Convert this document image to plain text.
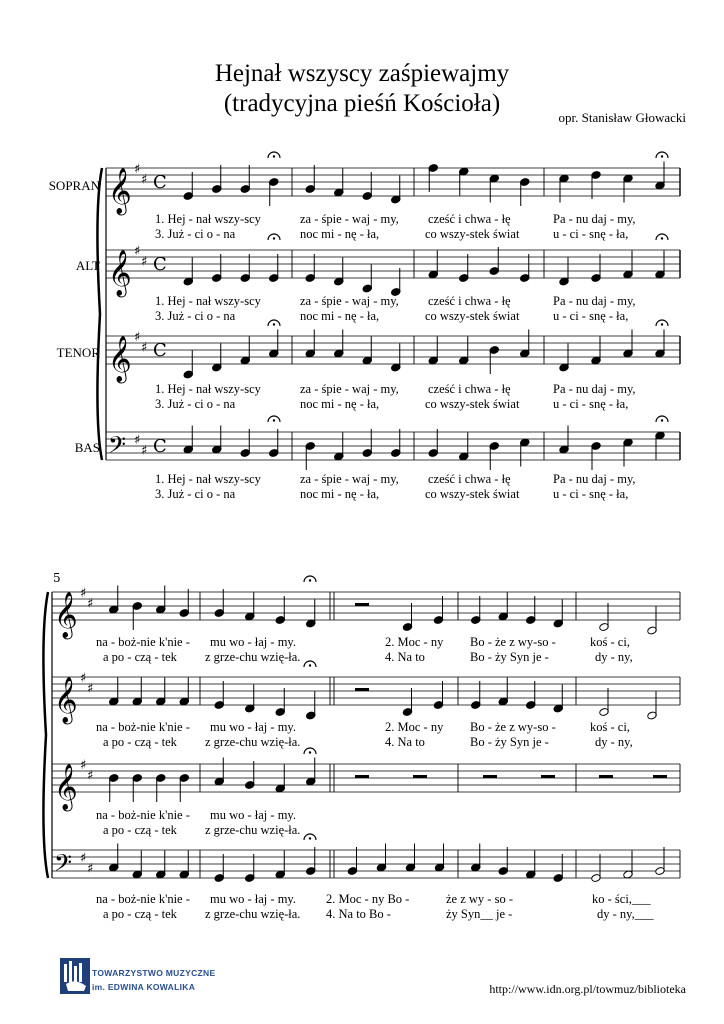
Hejnał wszyscy zaśpiewajmy
(tradycyjna pieśń Kościoła)
opr. Stanisław Głowacki
SOPRAN
ALT
TENOR
BAS
𝄞 ♯
♯ C
𝄞 ♯
♯ C
𝄞 ♯
♯ C
𝄢 ♯
♯ C
5
𝄞 ♯
♯
𝄞 ♯
♯
𝄞 ♯
♯
𝄢 ♯
♯
1. Hej - nał wszy-scy	za - śpie - waj - my, cześć i chwa - łę	Pa - nu daj - my,
3. Już - ci o - na	noc mi - nę - ła,	co wszy-stek świat	u - ci - snę - ła,
1. Hej - nał wszy-scy	za - śpie - waj - my, cześć i chwa - łę	Pa - nu daj - my,
3. Już - ci o - na	noc mi - nę - ła,	co wszy-stek świat	u - ci - snę - ła,
1. Hej - nał wszy-scy	za - śpie - waj - my, cześć i chwa - łę	Pa - nu daj - my,
3. Już - ci o - na	noc mi - nę - ła,	co wszy-stek świat	u - ci - snę - ła,
1. Hej - nał wszy-scy	za - śpie - waj - my, cześć i chwa - łę	Pa - nu daj - my,
3. Już - ci o - na	noc mi - nę - ła,	co wszy-stek świat	u - ci - snę - ła,
na - boż-nie k'nie - mu wo - łaj - my.	2. Moc - ny Bo - że z wy-so -	koś - ci,
a po - czą - tek z grze-chu wzię-ła.	4. Na to	Bo - ży Syn je -	dy - ny,
na - boż-nie k'nie - mu wo - łaj - my.	2. Moc - ny Bo - że z wy-so -	koś - ci,
a po - czą - tek z grze-chu wzię-ła.	4. Na to	Bo - ży Syn je -	dy - ny,
na - boż-nie k'nie - mu wo - łaj - my.
a po - czą - tek z grze-chu wzię-ła.
na - boż-nie k'nie - mu wo - łaj - my. 2. Moc - ny Bo -	że z wy - so -	ko - ści,___
a po - czą - tek z grze-chu wzię-ła. 4. Na to Bo -	ży Syn__ je -	dy - ny,___
TOWARZYSTWO MUZYCZNE
im. EDWINA KOWALIKA	http://www.idn.org.pl/towmuz/biblioteka
